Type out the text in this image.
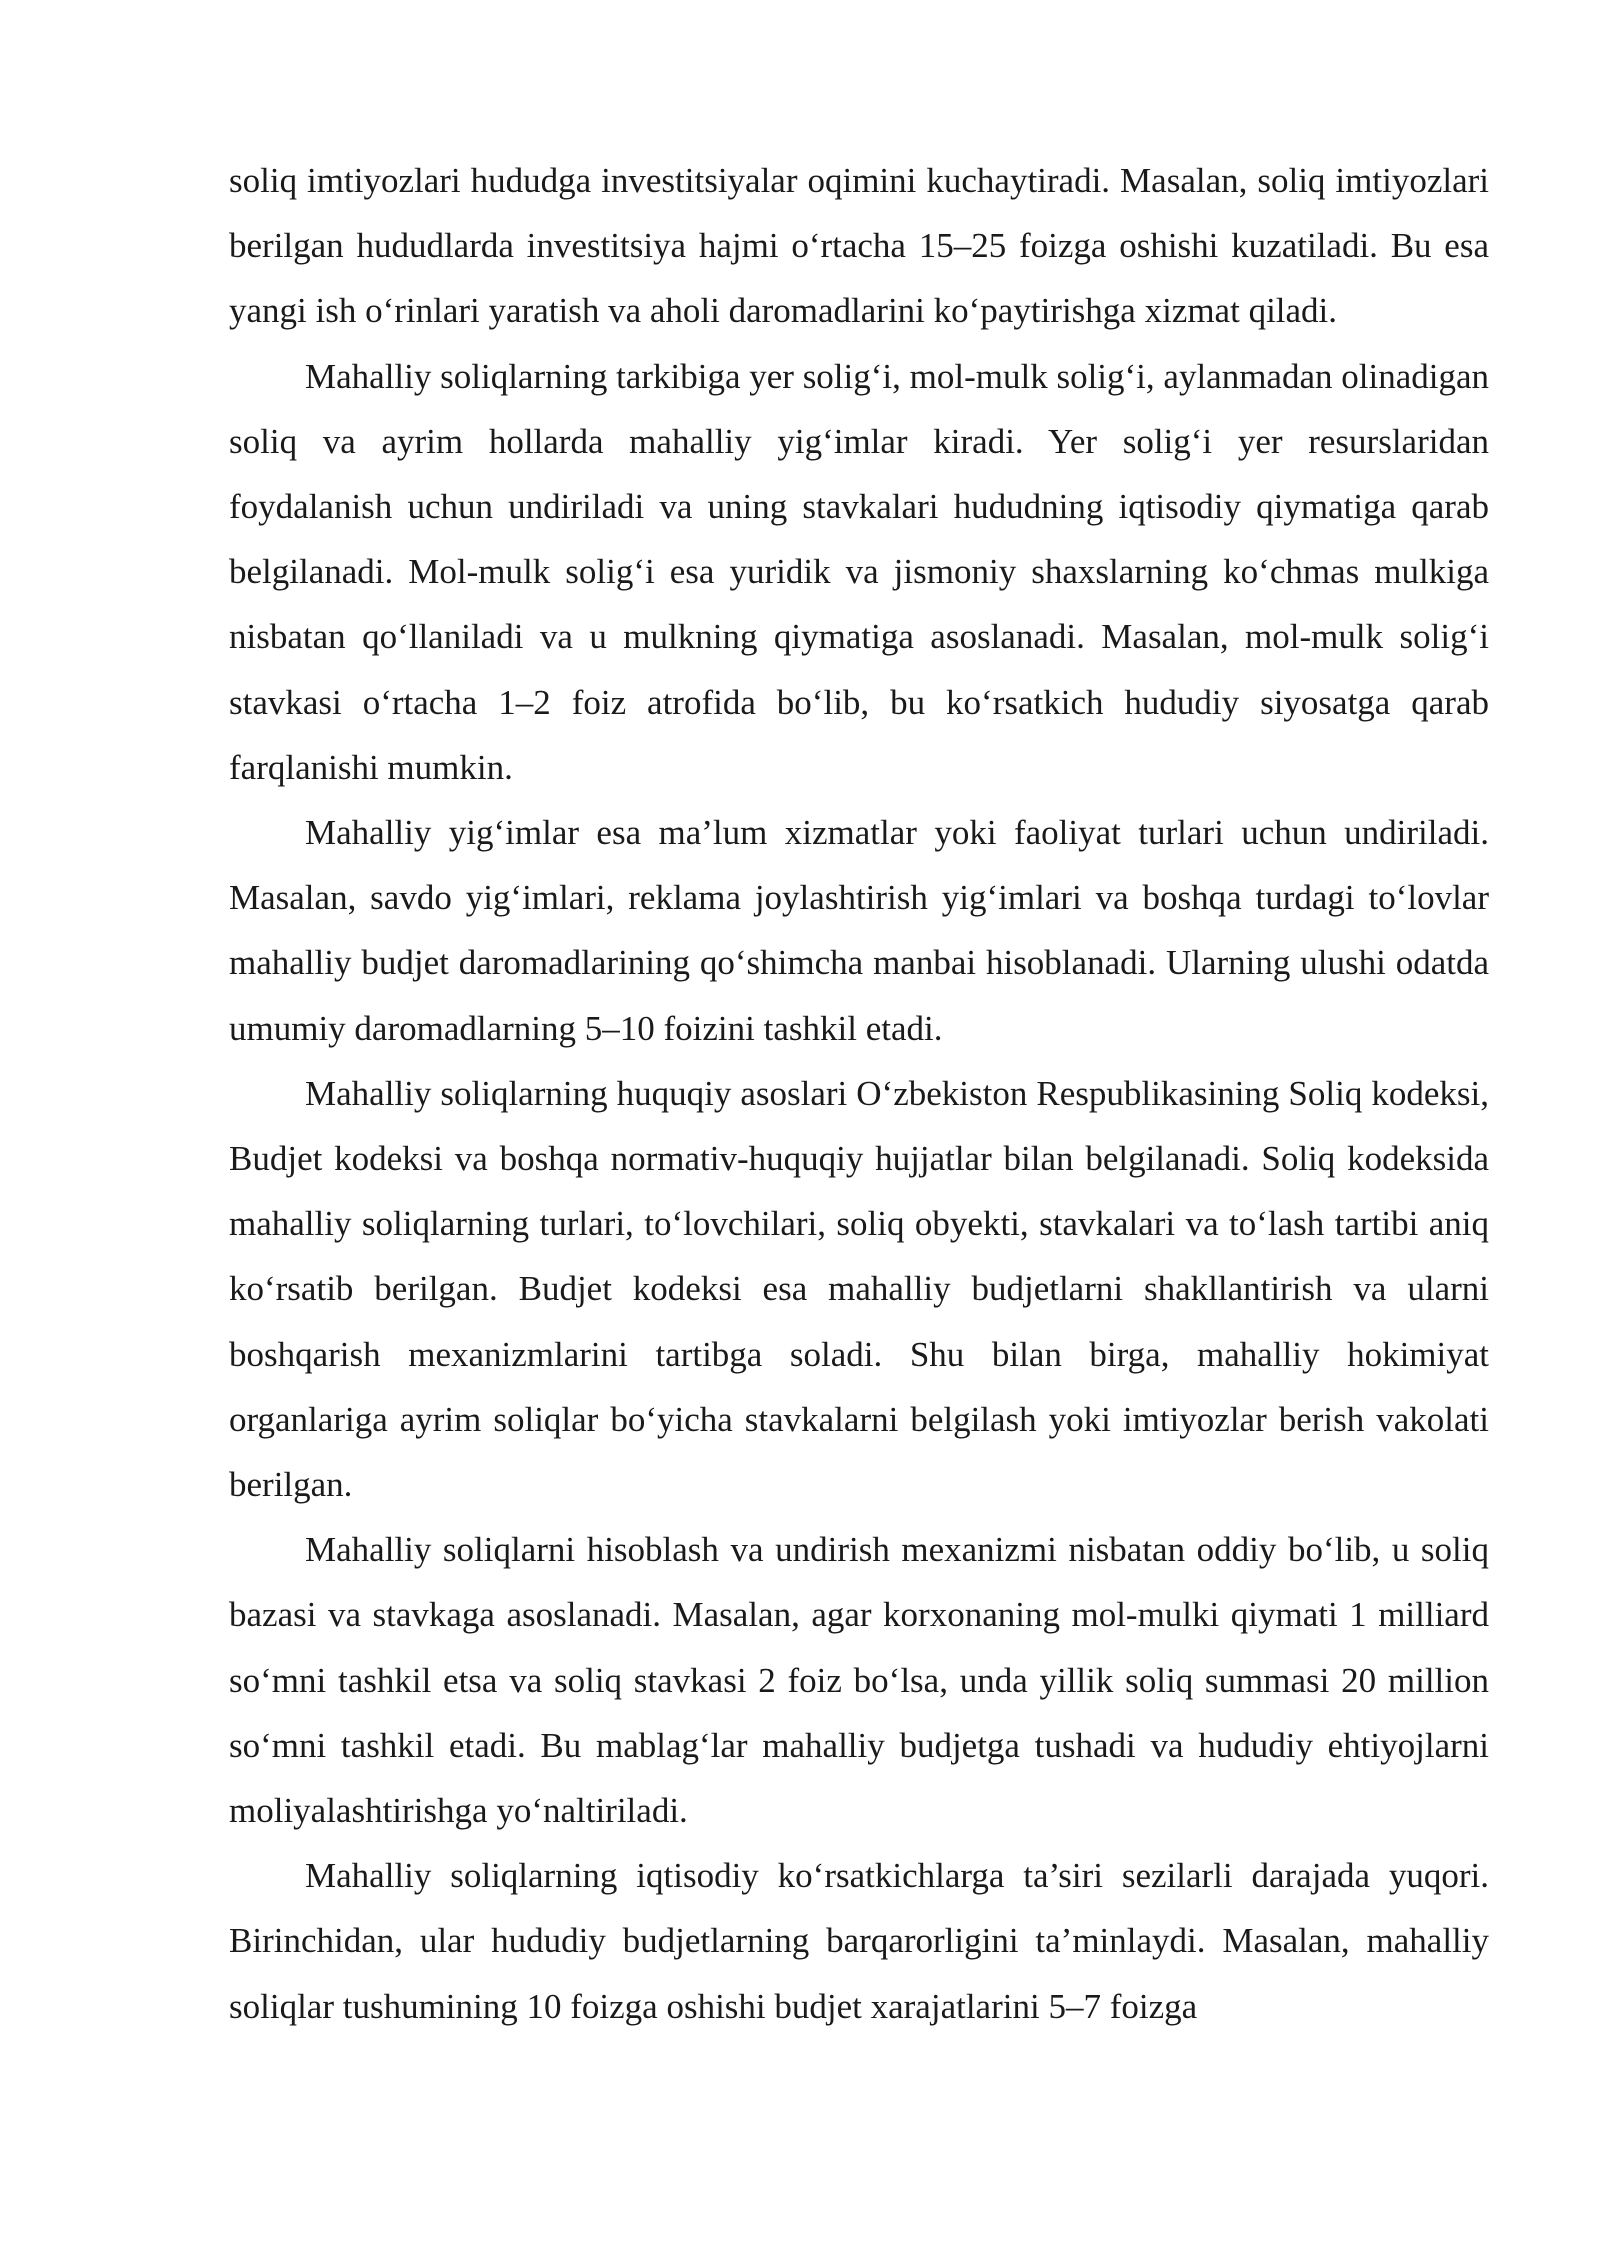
soliq imtiyozlari hududga investitsiyalar oqimini kuchaytiradi. Masalan, soliq imtiyozlari berilgan hududlarda investitsiya hajmi o‘rtacha 15–25 foizga oshishi kuzatiladi. Bu esa yangi ish o‘rinlari yaratish va aholi daromadlarini ko‘paytirishga xizmat qiladi.

Mahalliy soliqlarning tarkibiga yer solig‘i, mol-mulk solig‘i, aylanmadan olinadigan soliq va ayrim hollarda mahalliy yig‘imlar kiradi. Yer solig‘i yer resurslaridan foydalanish uchun undiriladi va uning stavkalari hududning iqtisodiy qiymatiga qarab belgilanadi. Mol-mulk solig‘i esa yuridik va jismoniy shaxslarning ko‘chmas mulkiga nisbatan qo‘llaniladi va u mulkning qiymatiga asoslanadi. Masalan, mol-mulk solig‘i stavkasi o‘rtacha 1–2 foiz atrofida bo‘lib, bu ko‘rsatkich hududiy siyosatga qarab farqlanishi mumkin.

Mahalliy yig‘imlar esa ma’lum xizmatlar yoki faoliyat turlari uchun undiriladi. Masalan, savdo yig‘imlari, reklama joylashtirish yig‘imlari va boshqa turdagi to‘lovlar mahalliy budjet daromadlarining qo‘shimcha manbai hisoblanadi. Ularning ulushi odatda umumiy daromadlarning 5–10 foizini tashkil etadi.

Mahalliy soliqlarning huquqiy asoslari O‘zbekiston Respublikasining Soliq kodeksi, Budjet kodeksi va boshqa normativ-huquqiy hujjatlar bilan belgilanadi. Soliq kodeksida mahalliy soliqlarning turlari, to‘lovchilari, soliq obyekti, stavkalari va to‘lash tartibi aniq ko‘rsatib berilgan. Budjet kodeksi esa mahalliy budjetlarni shakllantirish va ularni boshqarish mexanizmlarini tartibga soladi. Shu bilan birga, mahalliy hokimiyat organlariga ayrim soliqlar bo‘yicha stavkalarni belgilash yoki imtiyozlar berish vakolati berilgan.

Mahalliy soliqlarni hisoblash va undirish mexanizmi nisbatan oddiy bo‘lib, u soliq bazasi va stavkaga asoslanadi. Masalan, agar korxonaning mol-mulki qiymati 1 milliard so‘mni tashkil etsa va soliq stavkasi 2 foiz bo‘lsa, unda yillik soliq summasi 20 million so‘mni tashkil etadi. Bu mablag‘lar mahalliy budjetga tushadi va hududiy ehtiyojlarni moliyalashtirishga yo‘naltiriladi.

Mahalliy soliqlarning iqtisodiy ko‘rsatkichlarga ta’siri sezilarli darajada yuqori. Birinchidan, ular hududiy budjetlarning barqarorligini ta’minlaydi. Masalan, mahalliy soliqlar tushumining 10 foizga oshishi budjet xarajatlarini 5–7 foizga
